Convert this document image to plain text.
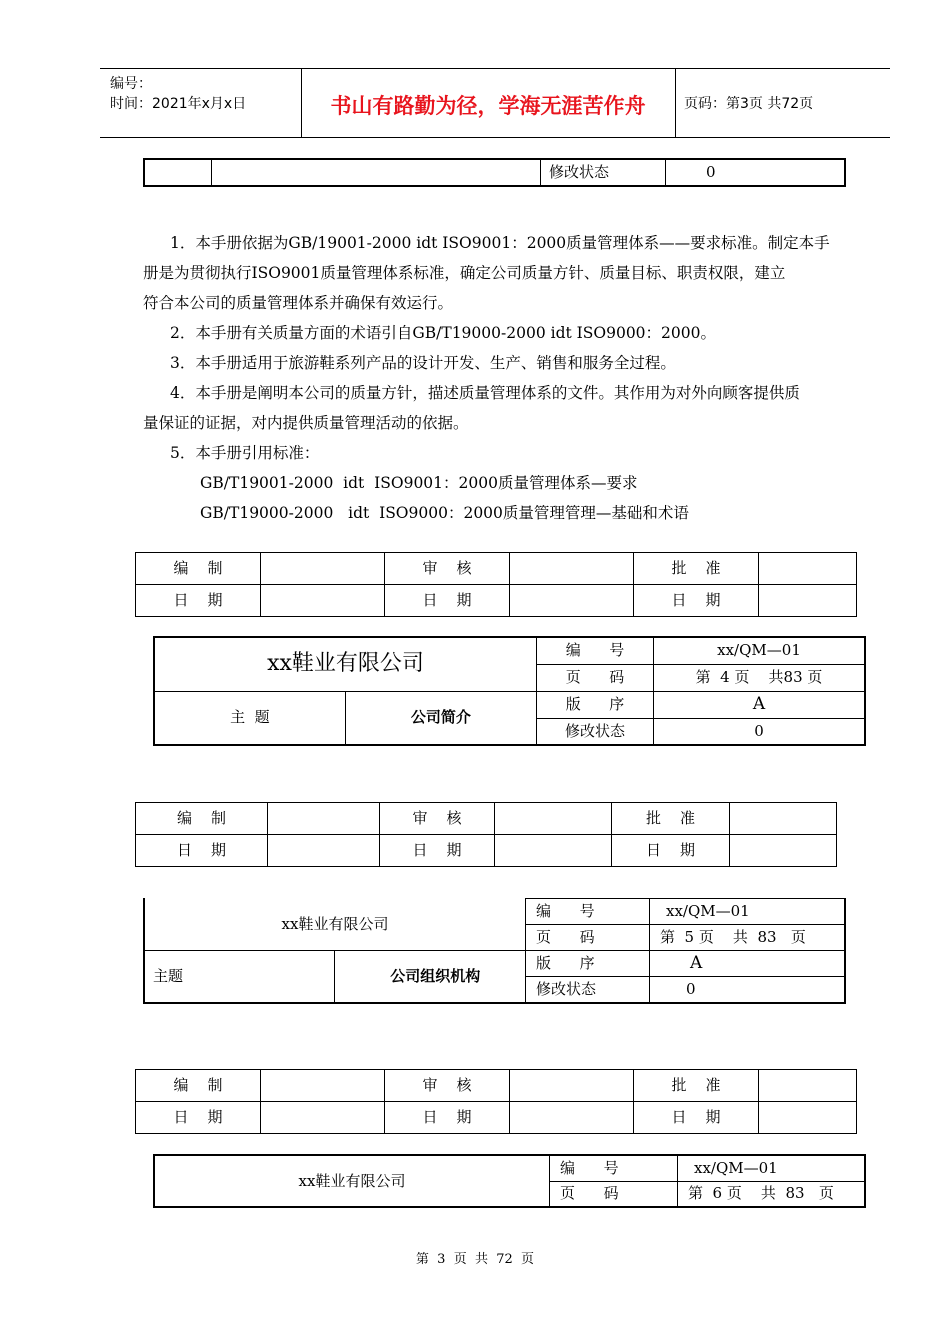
编号：
时间：2021年x月x日	书山有路勤为径，学海无涯苦作舟	页码：第3页 共72页
		修改状态	0
1．本手册依据为GB/19001-2000 idt ISO9001：2000质量管理体系——要求标准。制定本手
册是为贯彻执行ISO9001质量管理体系标准，确定公司质量方针、质量目标、职责权限，建立
符合本公司的质量管理体系并确保有效运行。
2．本手册有关质量方面的术语引自GB/T19000-2000 idt ISO9000：2000。
3．本手册适用于旅游鞋系列产品的设计开发、生产、销售和服务全过程。
4．本手册是阐明本公司的质量方针，描述质量管理体系的文件。其作用为对外向顾客提供质
量保证的证据，对内提供质量管理活动的依据。
5．本手册引用标准：
GB/T19001-2000  idt  ISO9001：2000质量管理体系—要求
GB/T19000-2000   idt  ISO9000：2000质量管理管理—基础和术语
编    制		审    核		批    准	
日    期		日    期		日    期	
xx鞋业有限公司		编      号	xx/QM—01
		页      码	第  4 页    共83 页
主  题	公司简介	版      序	A
		修改状态	0
编    制		审    核		批    准	
日    期		日    期		日    期	
xx鞋业有限公司		编      号	xx/QM—01
		页      码	第  5 页    共  83   页
主题	公司组织机构	版      序	A
		修改状态	0
编    制		审    核		批    准	
日    期		日    期		日    期	
xx鞋业有限公司	编      号	xx/QM—01
	页      码	第  6 页    共  83   页
第  3  页  共  72  页
